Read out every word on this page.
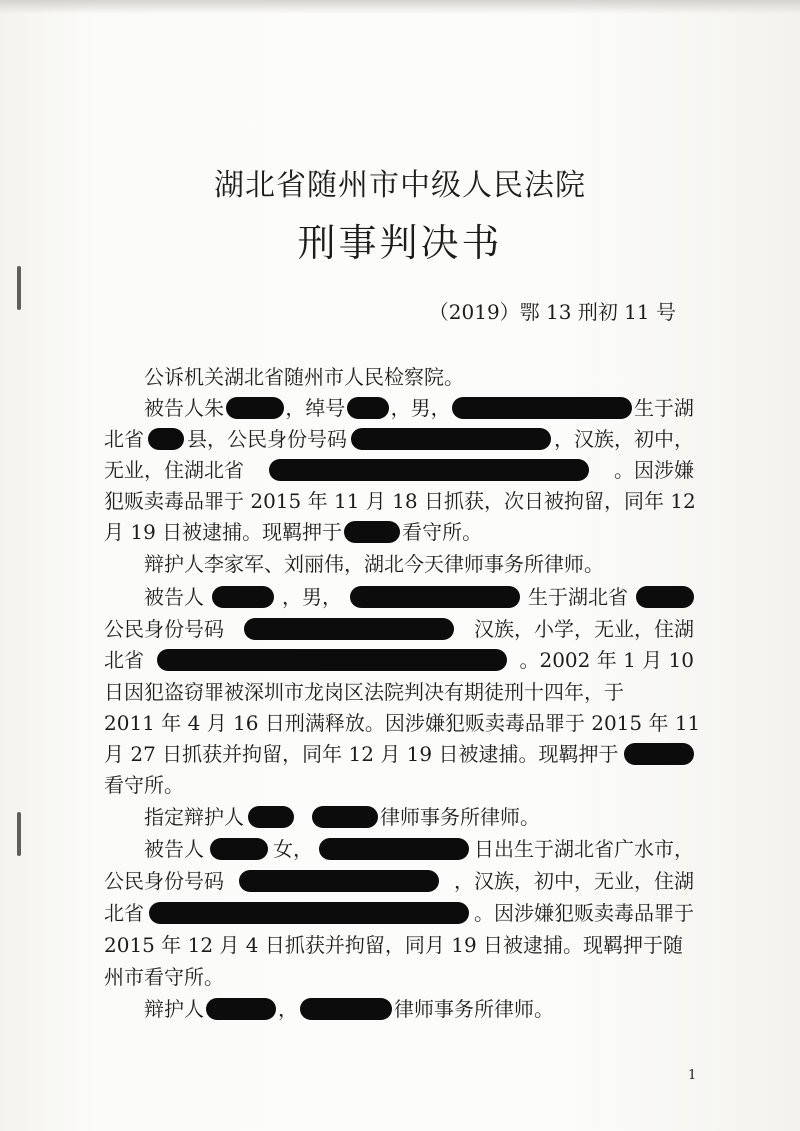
湖北省随州市中级人民法院
刑事判决书
（2019）鄂 13 刑初 11 号
公诉机关湖北省随州市人民检察院。
被告人朱	，绰号 ，男，	生于湖
北省 县，公民身份号码	，汉族，初中，
无业，住湖北省	。因涉嫌
犯贩卖毒品罪于 2015 年 11 月 18 日抓获，次日被拘留，同年 12
月 19 日被逮捕。现羁押于	看守所。
辩护人李家军、刘丽伟，湖北今天律师事务所律师。
被告人	，男，	生于湖北省
公民身份号码	汉族，小学，无业，住湖
北省	。2002 年 1 月 10
日因犯盗窃罪被深圳市龙岗区法院判决有期徒刑十四年，于
2011 年 4 月 16 日刑满释放。因涉嫌犯贩卖毒品罪于 2015 年 11
月 27 日抓获并拘留，同年 12 月 19 日被逮捕。现羁押于
看守所。
指定辩护人	律师事务所律师。
被告人	女，	日出生于湖北省广水市，
公民身份号码	，汉族，初中，无业，住湖
北省	。因涉嫌犯贩卖毒品罪于
2015 年 12 月 4 日抓获并拘留，同月 19 日被逮捕。现羁押于随
州市看守所。
辩护人	，	律师事务所律师。
1
